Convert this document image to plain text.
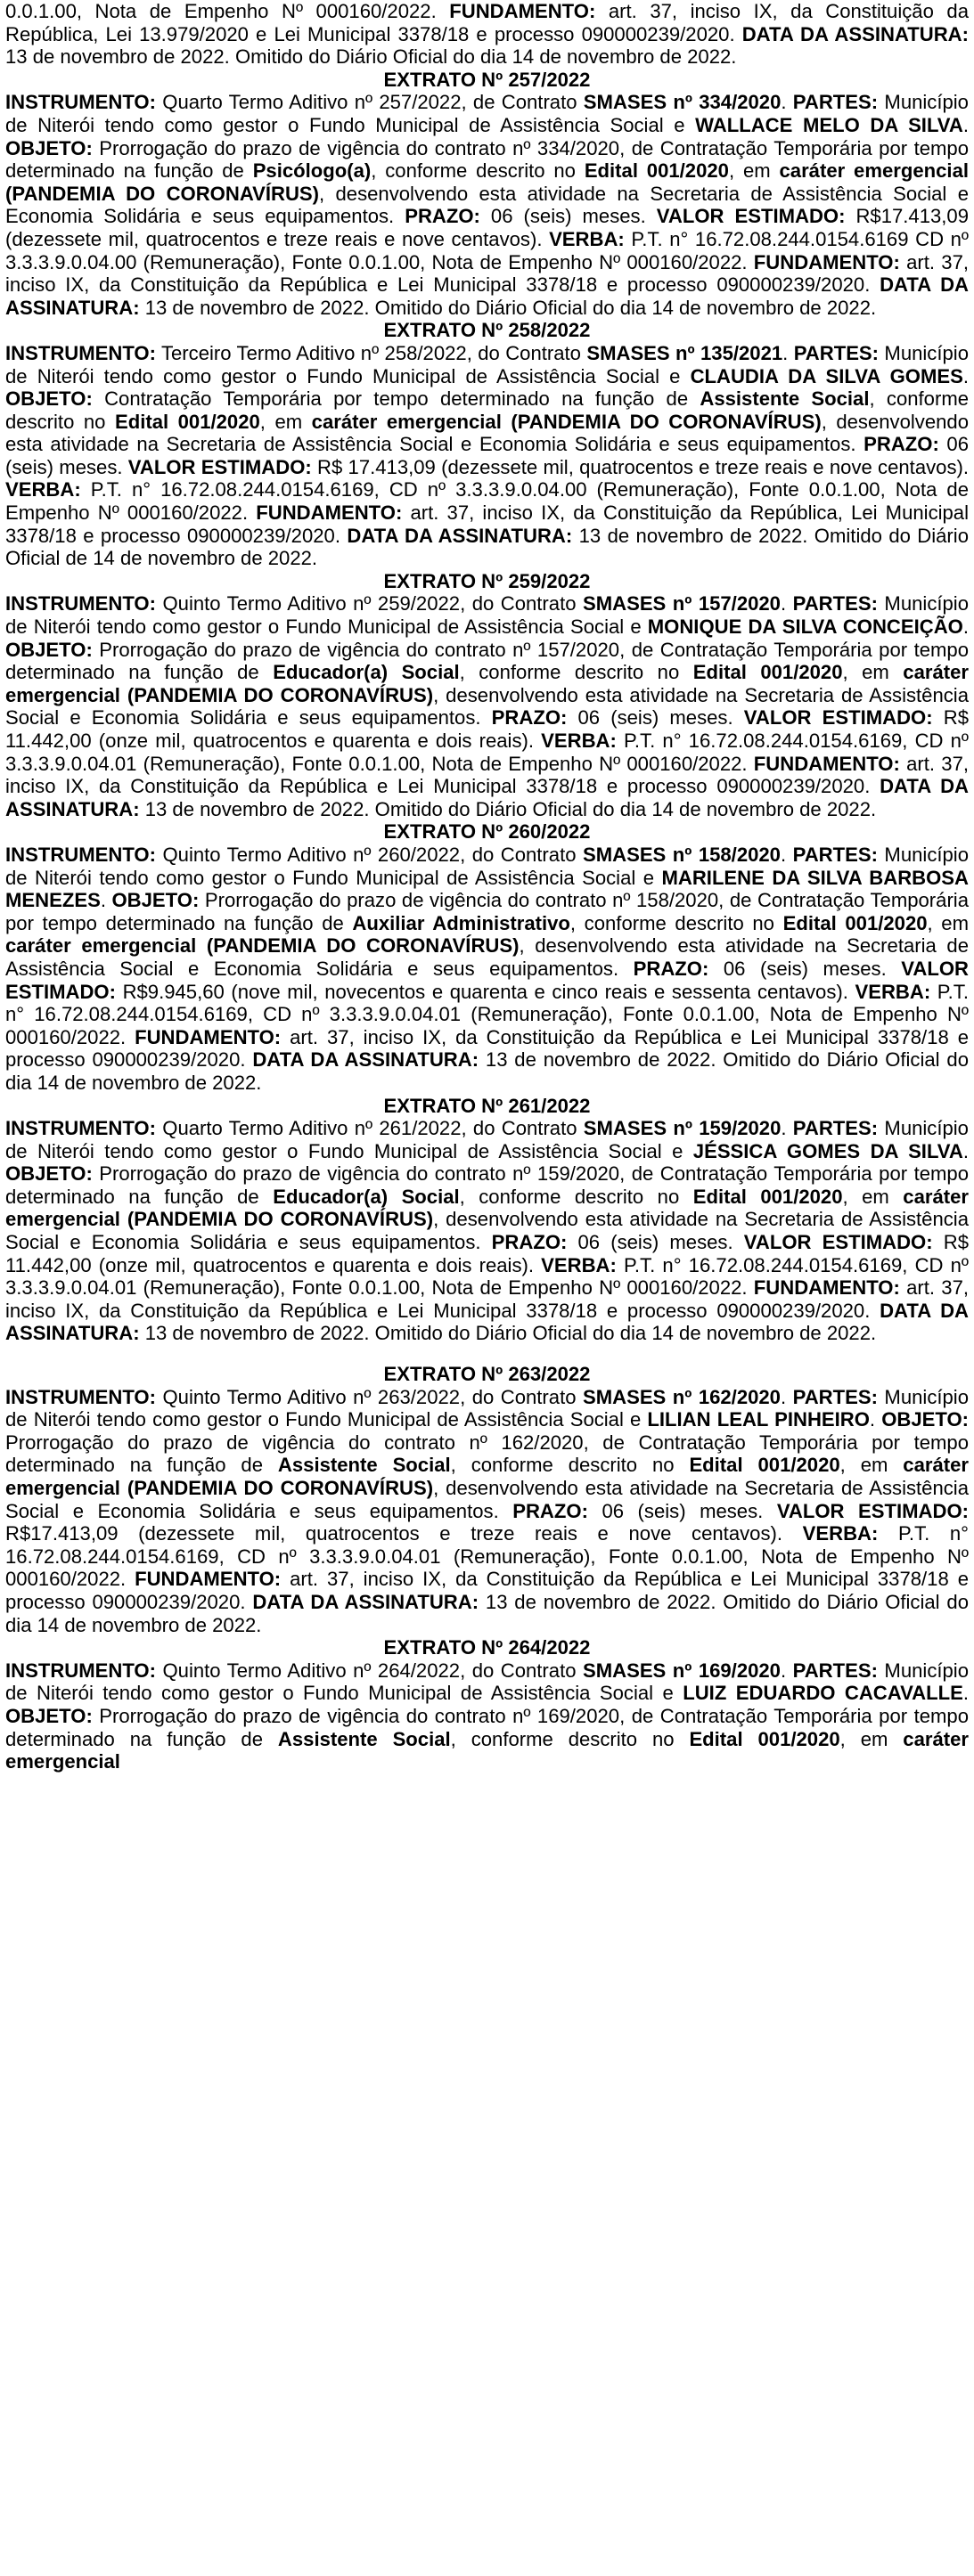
0.0.1.00, Nota de Empenho Nº 000160/2022. FUNDAMENTO: art. 37, inciso IX, da Constituição da República, Lei 13.979/2020 e Lei Municipal 3378/18 e processo 090000239/2020. DATA DA ASSINATURA: 13 de novembro de 2022. Omitido do Diário Oficial do dia 14 de novembro de 2022.

EXTRATO Nº 257/2022

INSTRUMENTO: Quarto Termo Aditivo nº 257/2022, de Contrato SMASES nº 334/2020. PARTES: Município de Niterói tendo como gestor o Fundo Municipal de Assistência Social e WALLACE MELO DA SILVA. OBJETO: Prorrogação do prazo de vigência do contrato nº 334/2020, de Contratação Temporária por tempo determinado na função de Psicólogo(a), conforme descrito no Edital 001/2020, em caráter emergencial (PANDEMIA DO CORONAVÍRUS), desenvolvendo esta atividade na Secretaria de Assistência Social e Economia Solidária e seus equipamentos. PRAZO: 06 (seis) meses. VALOR ESTIMADO: R$17.413,09 (dezessete mil, quatrocentos e treze reais e nove centavos). VERBA: P.T. n° 16.72.08.244.0154.6169 CD nº 3.3.3.9.0.04.00 (Remuneração), Fonte 0.0.1.00, Nota de Empenho Nº 000160/2022. FUNDAMENTO: art. 37, inciso IX, da Constituição da República e Lei Municipal 3378/18 e processo 090000239/2020. DATA DA ASSINATURA: 13 de novembro de 2022. Omitido do Diário Oficial do dia 14 de novembro de 2022.

EXTRATO Nº 258/2022

INSTRUMENTO: Terceiro Termo Aditivo nº 258/2022, do Contrato SMASES nº 135/2021. PARTES: Município de Niterói tendo como gestor o Fundo Municipal de Assistência Social e CLAUDIA DA SILVA GOMES. OBJETO: Contratação Temporária por tempo determinado na função de Assistente Social, conforme descrito no Edital 001/2020, em caráter emergencial (PANDEMIA DO CORONAVÍRUS), desenvolvendo esta atividade na Secretaria de Assistência Social e Economia Solidária e seus equipamentos. PRAZO: 06 (seis) meses. VALOR ESTIMADO: R$ 17.413,09 (dezessete mil, quatrocentos e treze reais e nove centavos). VERBA: P.T. n° 16.72.08.244.0154.6169, CD nº 3.3.3.9.0.04.00 (Remuneração), Fonte 0.0.1.00, Nota de Empenho Nº 000160/2022. FUNDAMENTO: art. 37, inciso IX, da Constituição da República, Lei Municipal 3378/18 e processo 090000239/2020. DATA DA ASSINATURA: 13 de novembro de 2022. Omitido do Diário Oficial de 14 de novembro de 2022.

EXTRATO Nº 259/2022

INSTRUMENTO: Quinto Termo Aditivo nº 259/2022, do Contrato SMASES nº 157/2020. PARTES: Município de Niterói tendo como gestor o Fundo Municipal de Assistência Social e MONIQUE DA SILVA CONCEIÇÃO. OBJETO: Prorrogação do prazo de vigência do contrato nº 157/2020, de Contratação Temporária por tempo determinado na função de Educador(a) Social, conforme descrito no Edital 001/2020, em caráter emergencial (PANDEMIA DO CORONAVÍRUS), desenvolvendo esta atividade na Secretaria de Assistência Social e Economia Solidária e seus equipamentos. PRAZO: 06 (seis) meses. VALOR ESTIMADO: R$ 11.442,00 (onze mil, quatrocentos e quarenta e dois reais). VERBA: P.T. n° 16.72.08.244.0154.6169, CD nº 3.3.3.9.0.04.01 (Remuneração), Fonte 0.0.1.00, Nota de Empenho Nº 000160/2022. FUNDAMENTO: art. 37, inciso IX, da Constituição da República e Lei Municipal 3378/18 e processo 090000239/2020. DATA DA ASSINATURA: 13 de novembro de 2022. Omitido do Diário Oficial do dia 14 de novembro de 2022.

EXTRATO Nº 260/2022

INSTRUMENTO: Quinto Termo Aditivo nº 260/2022, do Contrato SMASES nº 158/2020. PARTES: Município de Niterói tendo como gestor o Fundo Municipal de Assistência Social e MARILENE DA SILVA BARBOSA MENEZES. OBJETO: Prorrogação do prazo de vigência do contrato nº 158/2020, de Contratação Temporária por tempo determinado na função de Auxiliar Administrativo, conforme descrito no Edital 001/2020, em caráter emergencial (PANDEMIA DO CORONAVÍRUS), desenvolvendo esta atividade na Secretaria de Assistência Social e Economia Solidária e seus equipamentos. PRAZO: 06 (seis) meses. VALOR ESTIMADO: R$9.945,60 (nove mil, novecentos e quarenta e cinco reais e sessenta centavos). VERBA: P.T. n° 16.72.08.244.0154.6169, CD nº 3.3.3.9.0.04.01 (Remuneração), Fonte 0.0.1.00, Nota de Empenho Nº 000160/2022. FUNDAMENTO: art. 37, inciso IX, da Constituição da República e Lei Municipal 3378/18 e processo 090000239/2020. DATA DA ASSINATURA: 13 de novembro de 2022. Omitido do Diário Oficial do dia 14 de novembro de 2022.

EXTRATO Nº 261/2022

INSTRUMENTO: Quarto Termo Aditivo nº 261/2022, do Contrato SMASES nº 159/2020. PARTES: Município de Niterói tendo como gestor o Fundo Municipal de Assistência Social e JÉSSICA GOMES DA SILVA. OBJETO: Prorrogação do prazo de vigência do contrato nº 159/2020, de Contratação Temporária por tempo determinado na função de Educador(a) Social, conforme descrito no Edital 001/2020, em caráter emergencial (PANDEMIA DO CORONAVÍRUS), desenvolvendo esta atividade na Secretaria de Assistência Social e Economia Solidária e seus equipamentos. PRAZO: 06 (seis) meses. VALOR ESTIMADO: R$ 11.442,00 (onze mil, quatrocentos e quarenta e dois reais). VERBA: P.T. n° 16.72.08.244.0154.6169, CD nº 3.3.3.9.0.04.01 (Remuneração), Fonte 0.0.1.00, Nota de Empenho Nº 000160/2022. FUNDAMENTO: art. 37, inciso IX, da Constituição da República e Lei Municipal 3378/18 e processo 090000239/2020. DATA DA ASSINATURA: 13 de novembro de 2022. Omitido do Diário Oficial do dia 14 de novembro de 2022.

EXTRATO Nº 263/2022

INSTRUMENTO: Quinto Termo Aditivo nº 263/2022, do Contrato SMASES nº 162/2020. PARTES: Município de Niterói tendo como gestor o Fundo Municipal de Assistência Social e LILIAN LEAL PINHEIRO. OBJETO: Prorrogação do prazo de vigência do contrato nº 162/2020, de Contratação Temporária por tempo determinado na função de Assistente Social, conforme descrito no Edital 001/2020, em caráter emergencial (PANDEMIA DO CORONAVÍRUS), desenvolvendo esta atividade na Secretaria de Assistência Social e Economia Solidária e seus equipamentos. PRAZO: 06 (seis) meses. VALOR ESTIMADO: R$17.413,09 (dezessete mil, quatrocentos e treze reais e nove centavos). VERBA: P.T. n° 16.72.08.244.0154.6169, CD nº 3.3.3.9.0.04.01 (Remuneração), Fonte 0.0.1.00, Nota de Empenho Nº 000160/2022. FUNDAMENTO: art. 37, inciso IX, da Constituição da República e Lei Municipal 3378/18 e processo 090000239/2020. DATA DA ASSINATURA: 13 de novembro de 2022. Omitido do Diário Oficial do dia 14 de novembro de 2022.

EXTRATO Nº 264/2022

INSTRUMENTO: Quinto Termo Aditivo nº 264/2022, do Contrato SMASES nº 169/2020. PARTES: Município de Niterói tendo como gestor o Fundo Municipal de Assistência Social e LUIZ EDUARDO CACAVALLE. OBJETO: Prorrogação do prazo de vigência do contrato nº 169/2020, de Contratação Temporária por tempo determinado na função de Assistente Social, conforme descrito no Edital 001/2020, em caráter emergencial
